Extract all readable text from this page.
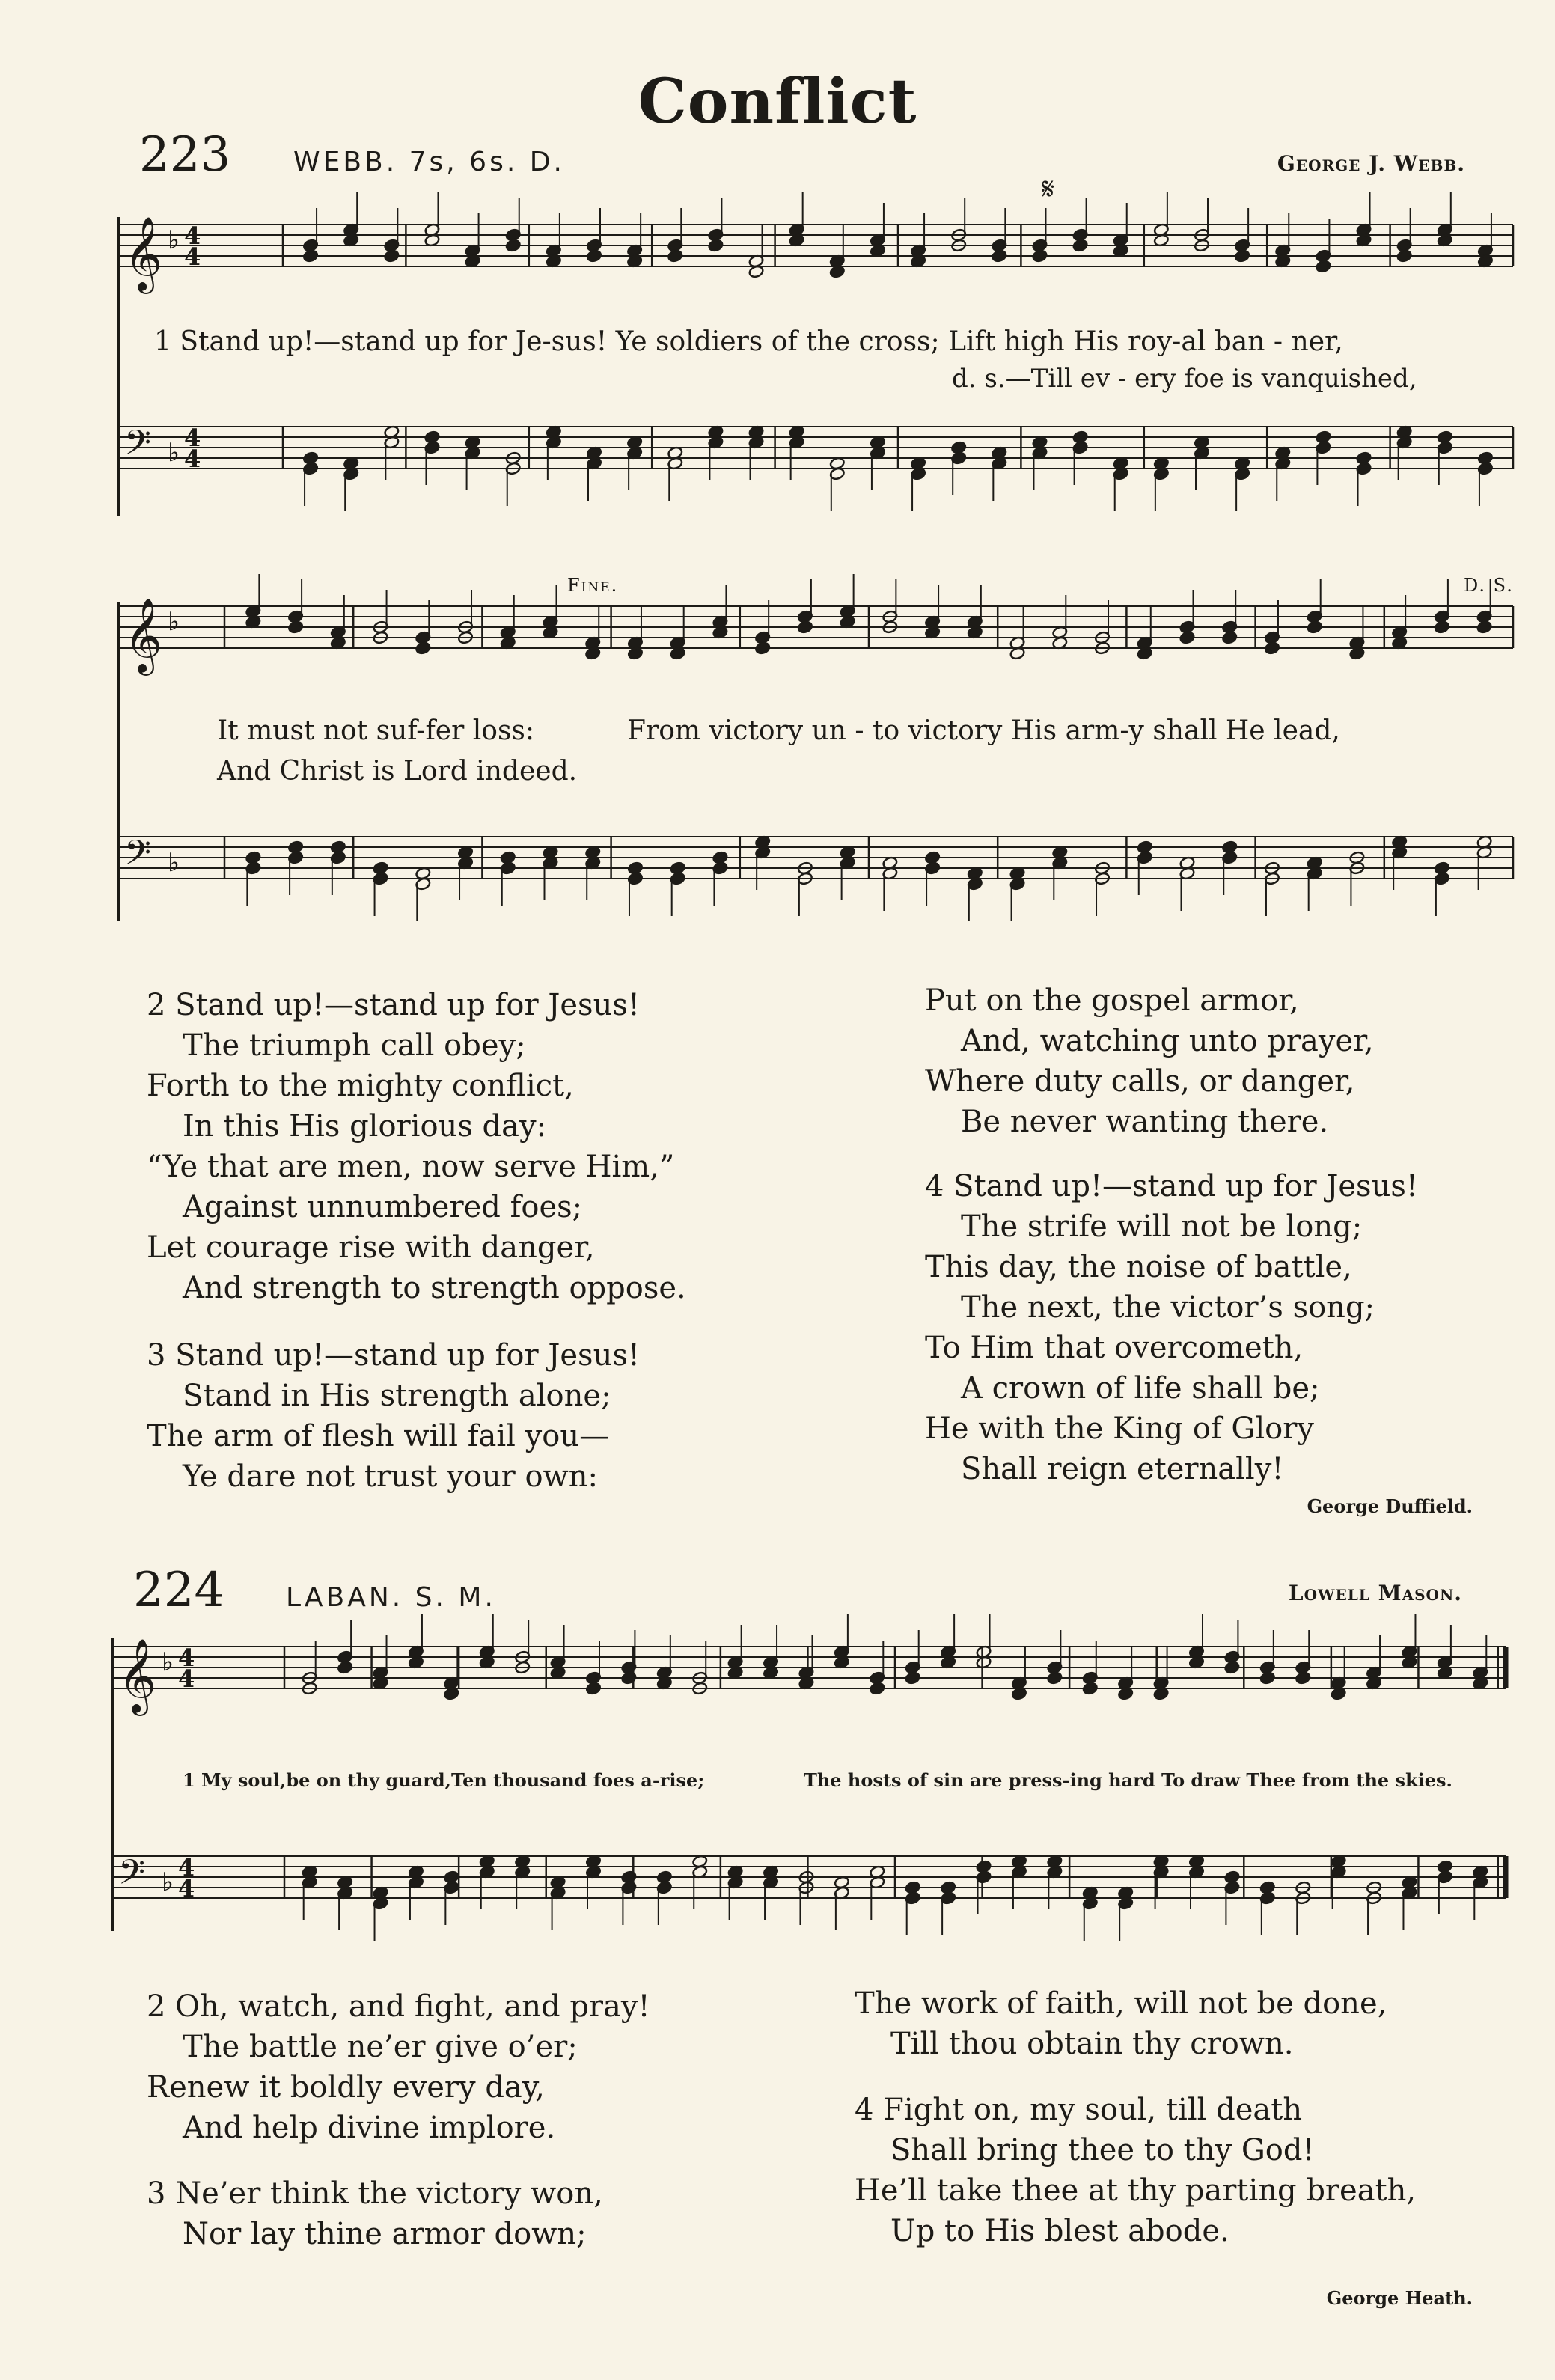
Conflict
223 WEBB. 7s, 6s. D.	George J. Webb.
𝄞 ♭ 4
4
𝄢 ♭ 4
4
𝄞 ♭
𝄢 ♭
𝄞 ♭ 4
4
𝄢 ♭ 4
4
𝄋
1 Stand up!—stand up for Je-sus! Ye soldiers of the cross; Lift high His roy-al ban - ner,
d. s.—Till ev - ery foe is vanquished,
Fine.	D. S.
It must not suf-fer loss:	From victory un - to victory His arm-y shall He lead,
And Christ is Lord indeed.
2 Stand up!—stand up for Jesus!
The triumph call obey;
Forth to the mighty conflict,
In this His glorious day:
“Ye that are men, now serve Him,”
Against unnumbered foes;
Let courage rise with danger,
And strength to strength oppose.
3 Stand up!—stand up for Jesus!
Stand in His strength alone;
The arm of flesh will fail you—
Ye dare not trust your own:
Put on the gospel armor,
And, watching unto prayer,
Where duty calls, or danger,
Be never wanting there.
4 Stand up!—stand up for Jesus!
The strife will not be long;
This day, the noise of battle,
The next, the victor’s song;
To Him that overcometh,
A crown of life shall be;
He with the King of Glory
Shall reign eternally!
George Duffield.
224 LABAN. S. M.	Lowell Mason.
1 My soul,be on thy guard,Ten thousand foes a-rise;	The hosts of sin are press-ing hard To draw Thee from the skies.
2 Oh, watch, and fight, and pray!
The battle ne’er give o’er;
Renew it boldly every day,
And help divine implore.
3 Ne’er think the victory won,
Nor lay thine armor down;
The work of faith, will not be done,
Till thou obtain thy crown.
4 Fight on, my soul, till death
Shall bring thee to thy God!
He’ll take thee at thy parting breath,
Up to His blest abode.
George Heath.
